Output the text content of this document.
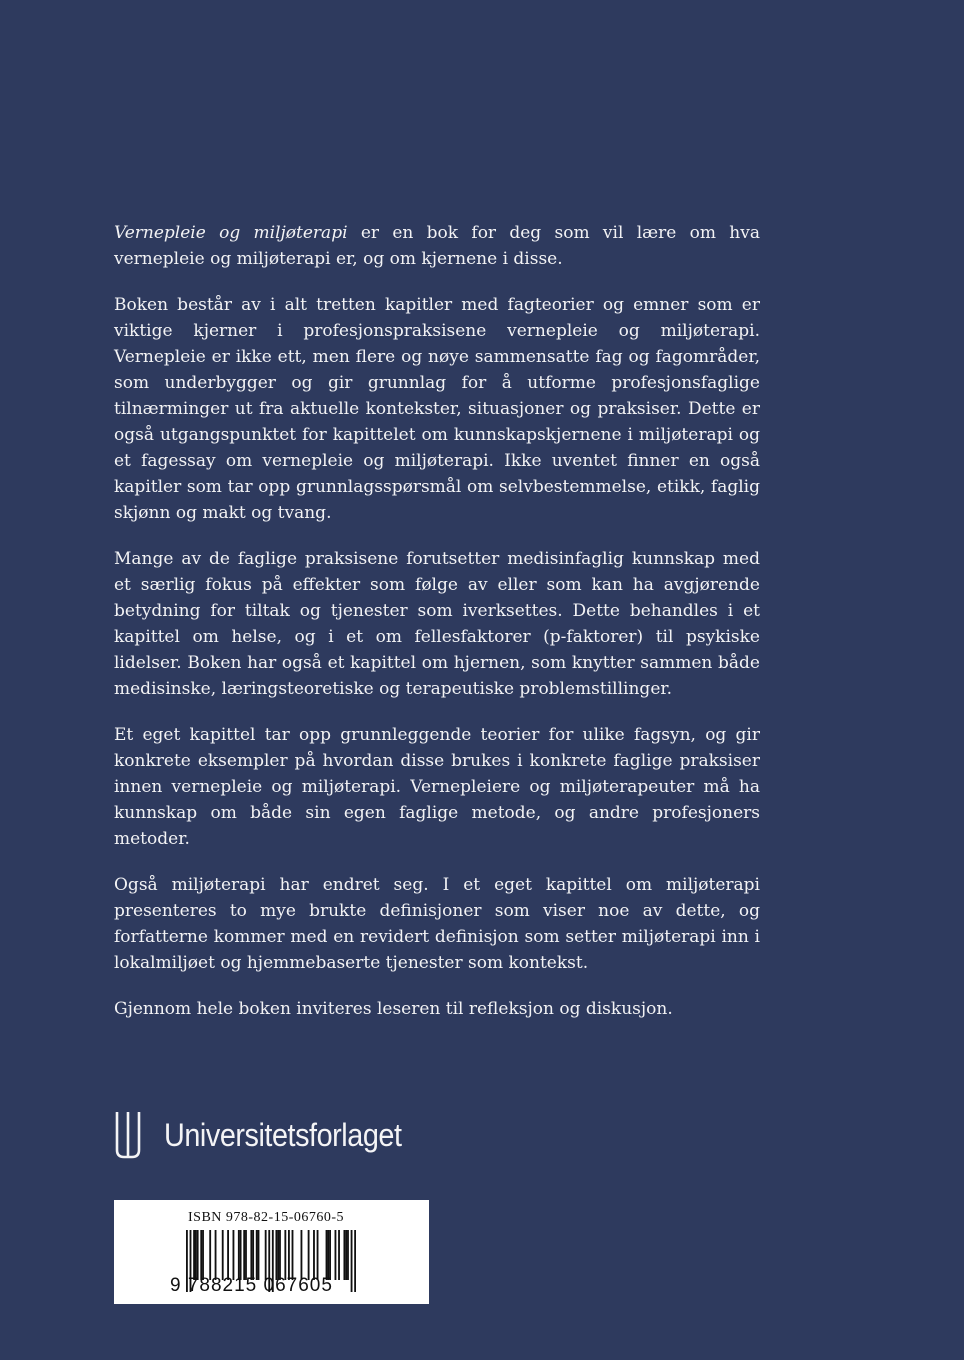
Vernepleie og miljøterapi er en bok for deg som vil lære om hva vernepleie og miljøterapi er, og om kjernene i disse.

Boken består av i alt tretten kapitler med fagteorier og emner som er viktige kjerner i profesjonspraksisene vernepleie og miljøterapi. Vernepleie er ikke ett, men flere og nøye sammensatte fag og fagområder, som underbygger og gir grunnlag for å utforme profesjonsfaglige tilnærminger ut fra aktuelle kontekster, situasjoner og praksiser. Dette er også utgangspunktet for kapittelet om kunnskapskjernene i miljøterapi og et fagessay om vernepleie og miljøterapi. Ikke uventet finner en også kapitler som tar opp grunnlagsspørsmål om selvbestemmelse, etikk, faglig skjønn og makt og tvang.

Mange av de faglige praksisene forutsetter medisinfaglig kunnskap med et særlig fokus på effekter som følge av eller som kan ha avgjørende betydning for tiltak og tjenester som iverksettes. Dette behandles i et kapittel om helse, og i et om fellesfaktorer (p-faktorer) til psykiske lidelser. Boken har også et kapittel om hjernen, som knytter sammen både medisinske, læringsteoretiske og terapeutiske problemstillinger.

Et eget kapittel tar opp grunnleggende teorier for ulike fagsyn, og gir konkrete eksempler på hvordan disse brukes i konkrete faglige praksiser innen vernepleie og miljøterapi. Vernepleiere og miljøterapeuter må ha kunnskap om både sin egen faglige metode, og andre profesjoners metoder.

Også miljøterapi har endret seg. I et eget kapittel om miljøterapi presenteres to mye brukte definisjoner som viser noe av dette, og forfatterne kommer med en revidert definisjon som setter miljøterapi inn i lokalmiljøet og hjemmebaserte tjenester som kontekst.

Gjennom hele boken inviteres leseren til refleksjon og diskusjon.

Universitetsforlaget
ISBN 978-82-15-06760-5
9 788215 067605
